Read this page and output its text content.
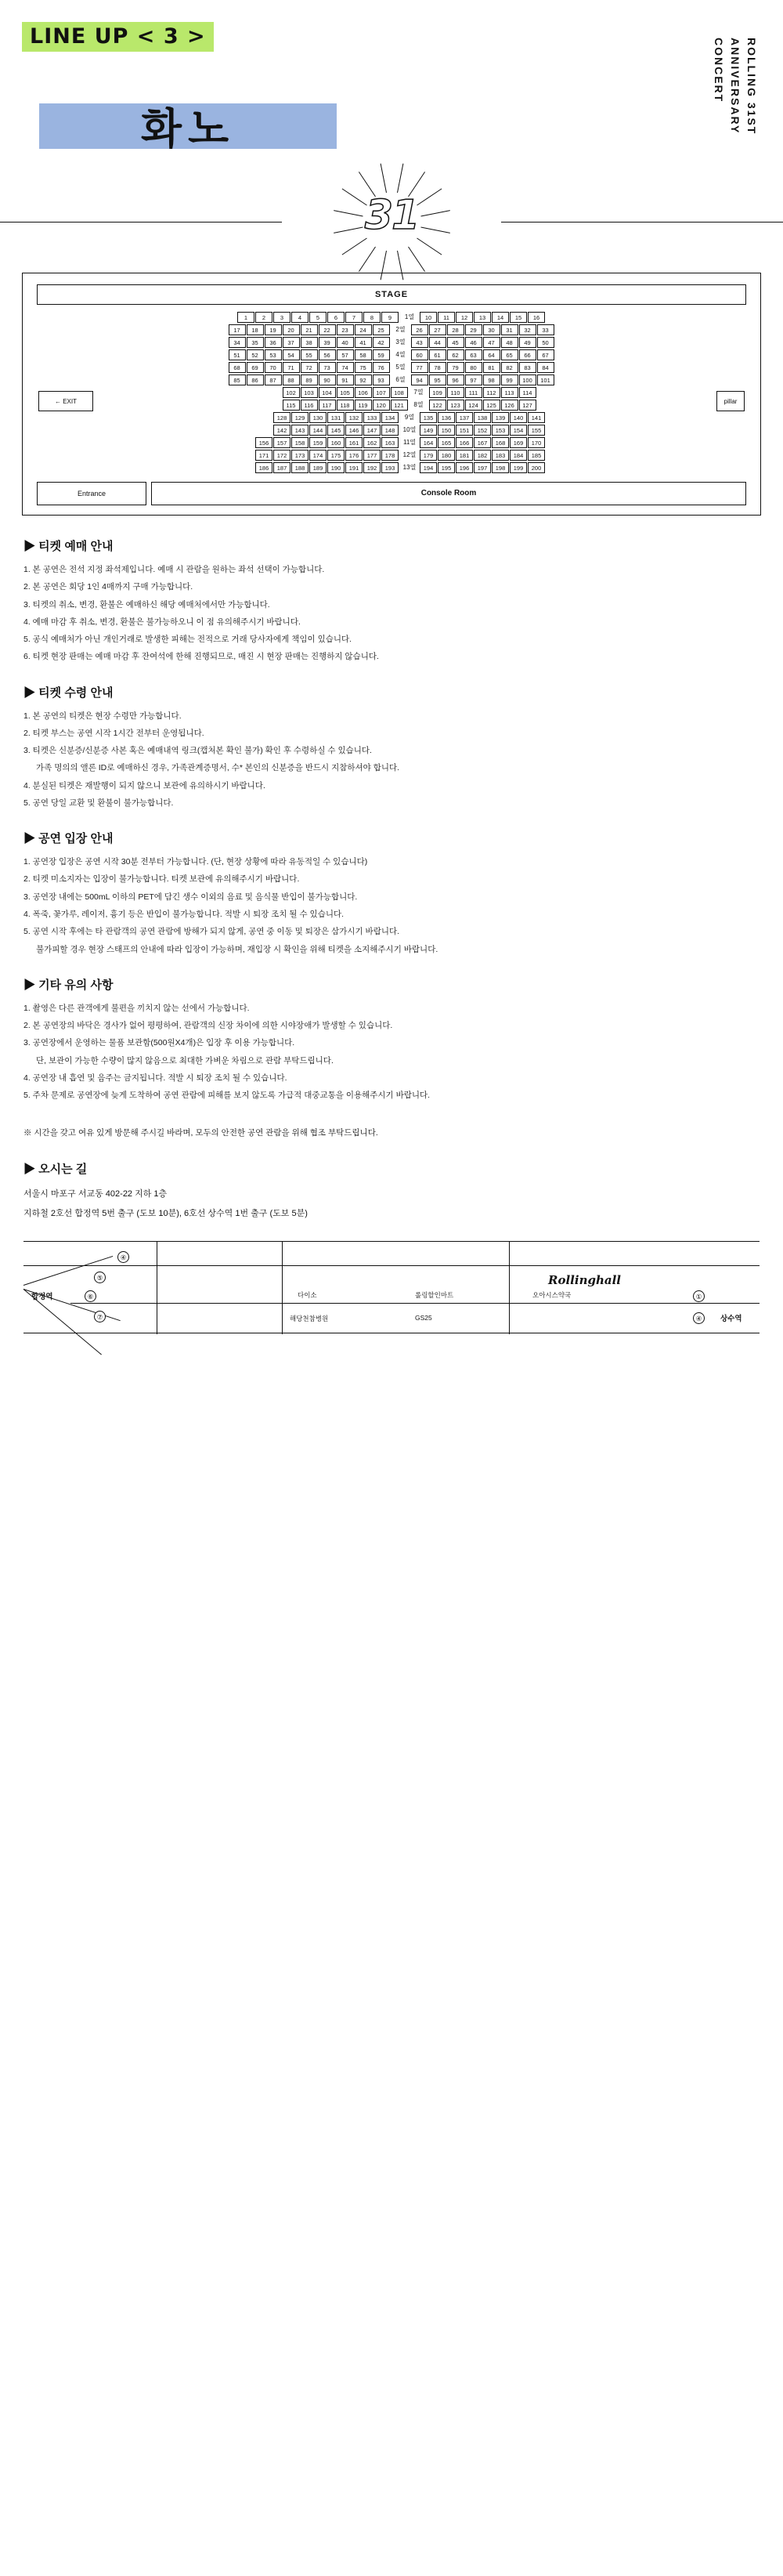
LINE UP < 3 >
ROLLING 31ST
ANNIVERSARY CONCERT
화노
31
STAGE
← EXIT	pillar
1	2	3	4	5	6	7	8	9	1열	10	11	12	13	14	15	16
17	18	19	20	21	22	23	24	25	2열	26	27	28	29	30	31	32	33
34	35	36	37	38	39	40	41	42	3열	43	44	45	46	47	48	49	50
51	52	53	54	55	56	57	58	59	4열	60	61	62	63	64	65	66	67
68	69	70	71	72	73	74	75	76	5열	77	78	79	80	81	82	83	84
85	86	87	88	89	90	91	92	93	6열	94	95	96	97	98	99	100	101
102	103	104	105	106	107	108	7열	109	110	111	112	113	114
115	116	117	118	119	120	121	8열	122	123	124	125	126	127
128	129	130	131	132	133	134	9열	135	136	137	138	139	140	141
142	143	144	145	146	147	148	10열	149	150	151	152	153	154	155
156	157	158	159	160	161	162	163	11열	164	165	166	167	168	169	170
171	172	173	174	175	176	177	178	12열	179	180	181	182	183	184	185
186	187	188	189	190	191	192	193	13열	194	195	196	197	198	199	200
Entrance	Console Room
▶ 티켓 예매 안내
1. 본 공연은 전석 지정 좌석제입니다. 예매 시 관람을 원하는 좌석 선택이 가능합니다.
2. 본 공연은 회당 1인 4매까지 구매 가능합니다.
3. 티켓의 취소, 변경, 환불은 예매하신 해당 예매처에서만 가능합니다.
4. 예매 마감 후 취소, 변경, 환불은 불가능하오니 이 점 유의해주시기 바랍니다.
5. 공식 예매처가 아닌 개인거래로 발생한 피해는 전적으로 거래 당사자에게 책임이 있습니다.
6. 티켓 현장 판매는 예매 마감 후 잔여석에 한해 진행되므로, 매진 시 현장 판매는 진행하지 않습니다.
▶ 티켓 수령 안내
1. 본 공연의 티켓은 현장 수령만 가능합니다.
2. 티켓 부스는 공연 시작 1시간 전부터 운영됩니다.
3. 티켓은 신분증/신분증 사본 혹은 예매내역 링크(캡처본 확인 불가) 확인 후 수령하실 수 있습니다.
가족 명의의 앨론 ID로 예매하신 경우, 가족관계증명서, 수* 본인의 신분증을 반드시 지참하셔야 합니다.
4. 분실된 티켓은 재발행이 되지 않으니 보관에 유의하시기 바랍니다.
5. 공연 당일 교환 및 환불이 불가능합니다.
▶ 공연 입장 안내
1. 공연장 입장은 공연 시작 30분 전부터 가능합니다. (단, 현장 상황에 따라 유동적일 수 있습니다)
2. 티켓 미소지자는 입장이 불가능합니다. 티켓 보관에 유의해주시기 바랍니다.
3. 공연장 내에는 500mL 이하의 PET에 담긴 생수 이외의 음료 및 음식물 반입이 불가능합니다.
4. 폭죽, 꽃가루, 레이저, 흉기 등은 반입이 불가능합니다. 적발 시 퇴장 조치 될 수 있습니다.
5. 공연 시작 후에는 타 관람객의 공연 관람에 방해가 되지 않게, 공연 중 이동 및 퇴장은 삼가시기 바랍니다.
불가피할 경우 현장 스태프의 안내에 따라 입장이 가능하며, 재입장 시 확인을 위해 티켓을 소지해주시기 바랍니다.
▶ 기타 유의 사항
1. 촬영은 다른 관객에게 불편을 끼치지 않는 선에서 가능합니다.
2. 본 공연장의 바닥은 경사가 없어 평평하여, 관람객의 신장 차이에 의한 시야장애가 발생할 수 있습니다.
3. 공연장에서 운영하는 물품 보관함(500원X4개)은 입장 후 이용 가능합니다.
단, 보관이 가능한 수량이 많지 않음으로 최대한 가벼운 차림으로 관람 부탁드립니다.
4. 공연장 내 흡연 및 음주는 금지됩니다. 적발 시 퇴장 조치 될 수 있습니다.
5. 주차 문제로 공연장에 늦게 도착하여 공연 관람에 피해를 보지 않도록 가급적 대중교통을 이용해주시기 바랍니다.
※ 시간을 갖고 여유 있게 방문해 주시길 바라며, 모두의 안전한 공연 관람을 위해 협조 부탁드립니다.
▶ 오시는 길
서울시 마포구 서교동 402-22 지하 1층
지하철 2호선 합정역 5번 출구 (도보 10분), 6호선 상수역 1번 출구 (도보 5분)
④
⑤
⑥
⑦
①
④
합정역
상수역
Rollinghall
다이소	롤링할인마트	오아시스약국
해당천참병원	GS25
